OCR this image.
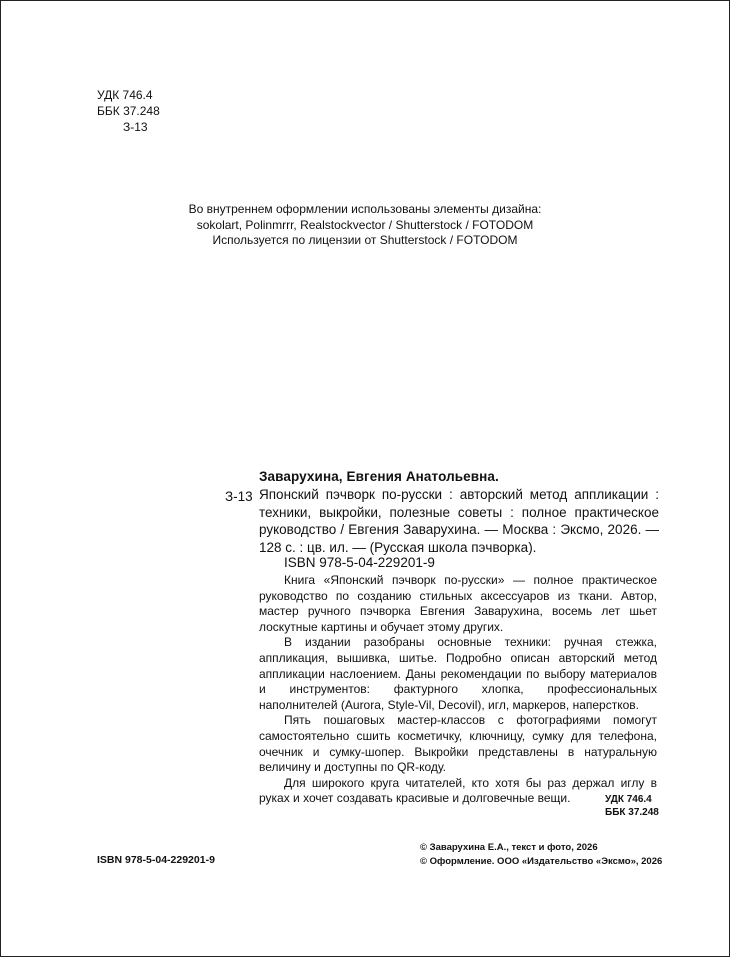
УДК 746.4
ББК 37.248
З-13
Во внутреннем оформлении использованы элементы дизайна:
sokolart, Polinmrrr, Realstockvector / Shutterstock / FOTODOM
Используется по лицензии от Shutterstock / FOTODOM
Заварухина, Евгения Анатольевна.
З-13 Японский пэчворк по-русски : авторский метод аппликации :
техники, выкройки, полезные советы : полное практическое
руководство / Евгения Заварухина. — Москва : Эксмо, 2026. —
128 с. : цв. ил. — (Русская школа пэчворка).
ISBN 978-5-04-229201-9

Книга «Японский пэчворк по-русски» — полное практическое руководство по созданию стильных аксессуаров из ткани. Автор, мастер ручного пэчворка Евгения Заварухина, восемь лет шьет лоскутные картины и обучает этому других.

В издании разобраны основные техники: ручная стежка, аппликация, вышивка, шитье. Подробно описан авторский метод аппликации наслоением. Даны рекомендации по выбору материалов и инструментов: фактурного хлопка, профессиональных наполнителей (Aurora, Style-Vil, Decovil), игл, маркеров, наперстков.

Пять пошаговых мастер-классов с фотографиями помогут самостоятельно сшить косметичку, ключницу, сумку для телефона, очечник и сумку-шопер. Выкройки представлены в натуральную величину и доступны по QR-коду.

Для широкого круга читателей, кто хотя бы раз держал иглу в руках и хочет создавать красивые и долговечные вещи.	УДК 746.4
ББК 37.248
ISBN 978-5-04-229201-9
© Заварухина Е.А., текст и фото, 2026
© Оформление. ООО «Издательство «Эксмо», 2026
